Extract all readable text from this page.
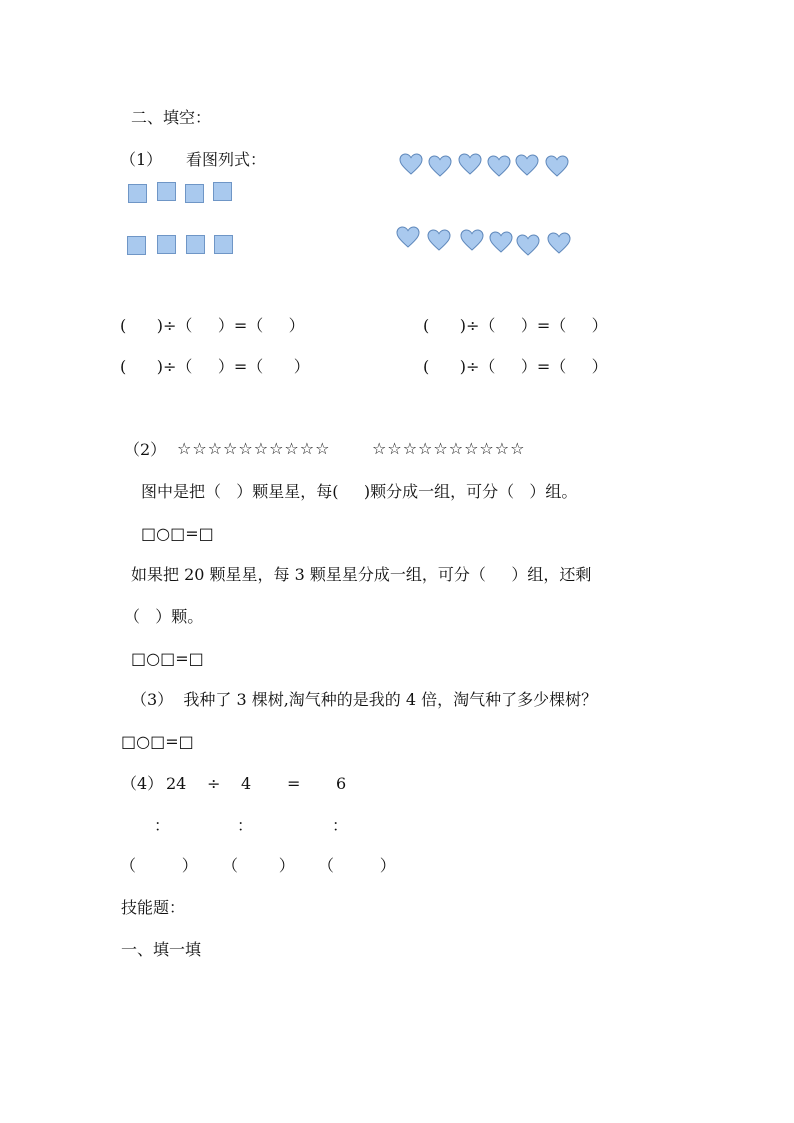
二、填空：
（1） 看图列式：
(      )÷（     ）=（     ）	(      )÷（     ）=（     ）
(      )÷（     ）=（      ）	(      )÷（     ）=（     ）
（2） ☆☆☆☆☆☆☆☆☆☆	☆☆☆☆☆☆☆☆☆☆
图中是把（   ）颗星星，每(     )颗分成一组，可分（   ）组。
□○□=□
如果把 20 颗星星，每 3 颗星星分成一组，可分（     ）组，还剩
（   ）颗。
□○□=□
（3）  我种了 3 棵树,淘气种的是我的 4 倍，淘气种了多少棵树？
□○□=□
（4） 24 ÷ 4 = 6
：	：	：
（         ） （        ） （         ）
技能题：
一、填一填
